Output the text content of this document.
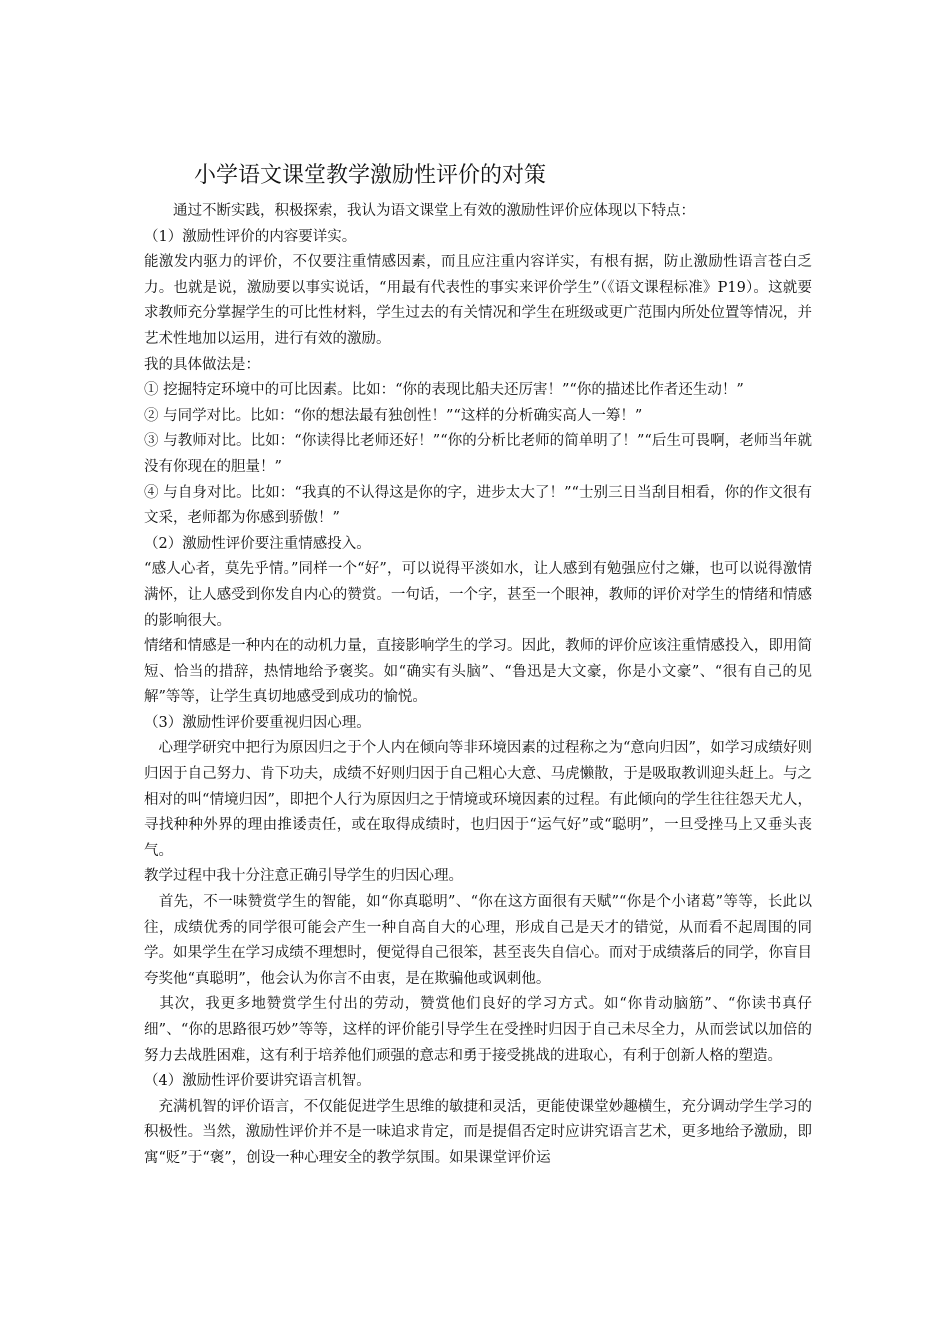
小学语文课堂教学激励性评价的对策

　　通过不断实践，积极探索，我认为语文课堂上有效的激励性评价应体现以下特点：

（1）激励性评价的内容要详实。

能激发内驱力的评价，不仅要注重情感因素，而且应注重内容详实，有根有据，防止激励性语言苍白乏力。也就是说，激励要以事实说话，“用最有代表性的事实来评价学生”（《语文课程标准》P19）。这就要求教师充分掌握学生的可比性材料，学生过去的有关情况和学生在班级或更广范围内所处位置等情况，并艺术性地加以运用，进行有效的激励。

我的具体做法是：

① 挖掘特定环境中的可比因素。比如：“你的表现比船夫还厉害！”“你的描述比作者还生动！”

② 与同学对比。比如：“你的想法最有独创性！”“这样的分析确实高人一筹！”

③ 与教师对比。比如：“你读得比老师还好！”“你的分析比老师的简单明了！”“后生可畏啊，老师当年就没有你现在的胆量！”

④ 与自身对比。比如：“我真的不认得这是你的字，进步太大了！”“士别三日当刮目相看，你的作文很有文采，老师都为你感到骄傲！”

（2）激励性评价要注重情感投入。

“感人心者，莫先乎情。”同样一个“好”，可以说得平淡如水，让人感到有勉强应付之嫌，也可以说得激情满怀，让人感受到你发自内心的赞赏。一句话，一个字，甚至一个眼神，教师的评价对学生的情绪和情感的影响很大。

情绪和情感是一种内在的动机力量，直接影响学生的学习。因此，教师的评价应该注重情感投入，即用简短、恰当的措辞，热情地给予褒奖。如“确实有头脑”、“鲁迅是大文豪，你是小文豪”、“很有自己的见解”等等，让学生真切地感受到成功的愉悦。

（3）激励性评价要重视归因心理。

　心理学研究中把行为原因归之于个人内在倾向等非环境因素的过程称之为“意向归因”，如学习成绩好则归因于自己努力、肯下功夫，成绩不好则归因于自己粗心大意、马虎懒散，于是吸取教训迎头赶上。与之相对的叫“情境归因”，即把个人行为原因归之于情境或环境因素的过程。有此倾向的学生往往怨天尤人，寻找种种外界的理由推诿责任，或在取得成绩时，也归因于“运气好”或“聪明”，一旦受挫马上又垂头丧气。

教学过程中我十分注意正确引导学生的归因心理。

　首先，不一味赞赏学生的智能，如“你真聪明”、“你在这方面很有天赋”“你是个小诸葛”等等，长此以往，成绩优秀的同学很可能会产生一种自高自大的心理，形成自己是天才的错觉，从而看不起周围的同学。如果学生在学习成绩不理想时，便觉得自己很笨，甚至丧失自信心。而对于成绩落后的同学，你盲目夸奖他“真聪明”，他会认为你言不由衷，是在欺骗他或讽刺他。

　其次，我更多地赞赏学生付出的劳动，赞赏他们良好的学习方式。如“你肯动脑筋”、“你读书真仔细”、“你的思路很巧妙”等等，这样的评价能引导学生在受挫时归因于自己未尽全力，从而尝试以加倍的努力去战胜困难，这有利于培养他们顽强的意志和勇于接受挑战的进取心，有利于创新人格的塑造。

（4）激励性评价要讲究语言机智。

　充满机智的评价语言，不仅能促进学生思维的敏捷和灵活，更能使课堂妙趣横生，充分调动学生学习的积极性。当然，激励性评价并不是一味追求肯定，而是提倡否定时应讲究语言艺术，更多地给予激励，即寓“贬”于“褒”，创设一种心理安全的教学氛围。如果课堂评价运
